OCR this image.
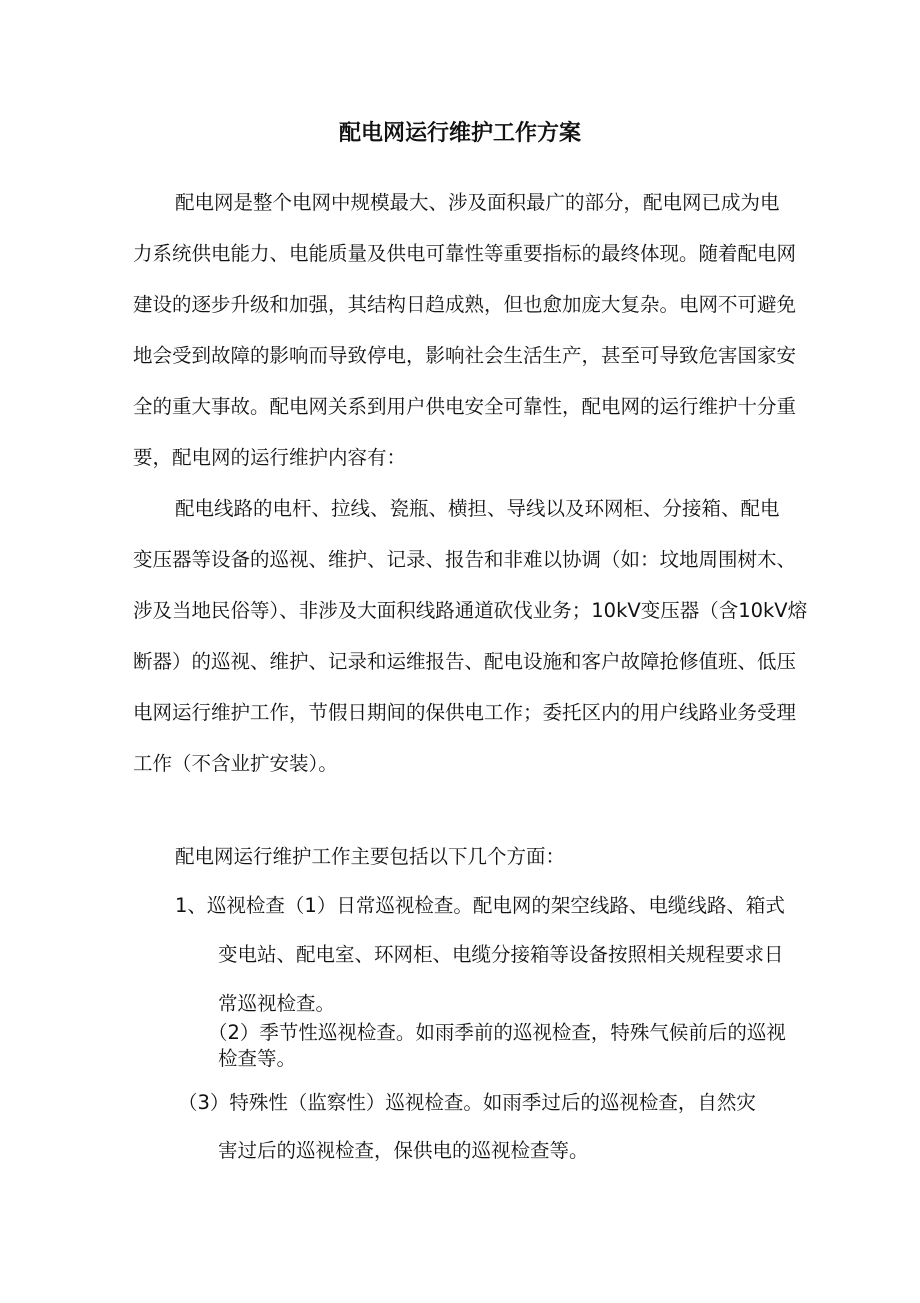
配电网运行维护工作方案

配电网是整个电网中规模最大、涉及面积最广的部分，配电网已成为电

力系统供电能力、电能质量及供电可靠性等重要指标的最终体现。随着配电网

建设的逐步升级和加强，其结构日趋成熟，但也愈加庞大复杂。电网不可避免

地会受到故障的影响而导致停电，影响社会生活生产，甚至可导致危害国家安

全的重大事故。配电网关系到用户供电安全可靠性，配电网的运行维护十分重

要，配电网的运行维护内容有：

配电线路的电杆、拉线、瓷瓶、横担、导线以及环网柜、分接箱、配电

变压器等设备的巡视、维护、记录、报告和非难以协调（如：坟地周围树木、

涉及当地民俗等）、非涉及大面积线路通道砍伐业务；10kV变压器（含10kV熔

断器）的巡视、维护、记录和运维报告、配电设施和客户故障抢修值班、低压

电网运行维护工作，节假日期间的保供电工作；委托区内的用户线路业务受理

工作（不含业扩安装）。

配电网运行维护工作主要包括以下几个方面：

1、巡视检查（1）日常巡视检查。配电网的架空线路、电缆线路、箱式

变电站、配电室、环网柜、电缆分接箱等设备按照相关规程要求日

常巡视检查。

（2）季节性巡视检查。如雨季前的巡视检查，特殊气候前后的巡视

检查等。

（3）特殊性（监察性）巡视检查。如雨季过后的巡视检查，自然灾

害过后的巡视检查，保供电的巡视检查等。
